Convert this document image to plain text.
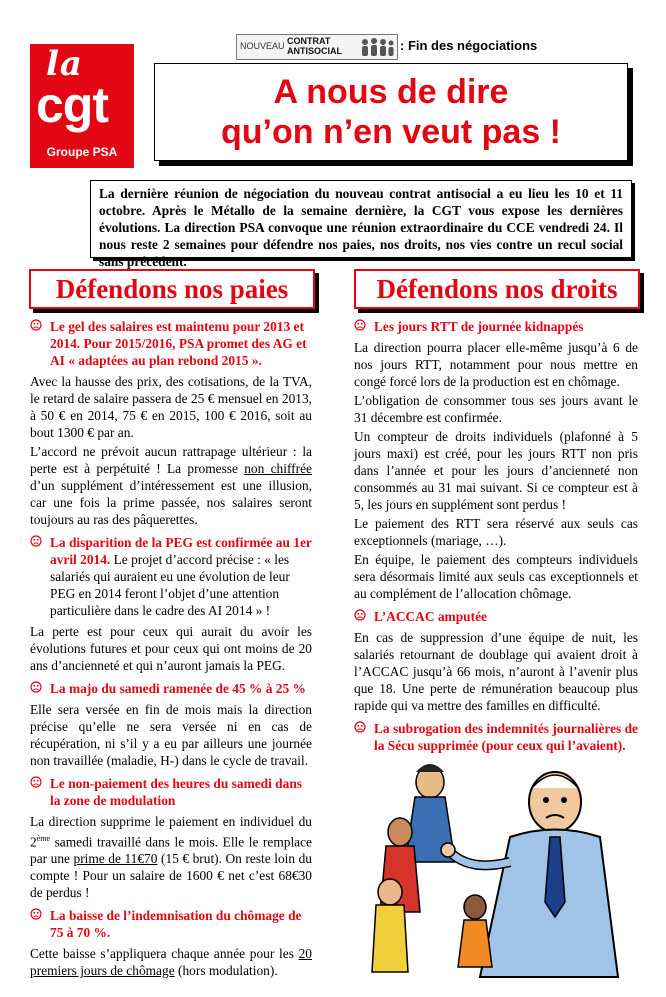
la
cgt
Groupe PSA
NOUVEAU CONTRAT
ANTISOCIAL	: Fin des négociations
A nous de dire
qu’on n’en veut pas !

La dernière réunion de négociation du nouveau contrat antisocial a eu lieu les 10 et 11 octobre. Après le Métallo de la semaine dernière, la CGT vous expose les dernières évolutions. La direction PSA convoque une réunion extraordinaire du CCE vendredi 24. Il nous reste 2 semaines pour défendre nos paies, nos droits, nos vies contre un recul social sans précédent.

Défendons nos paies	Défendons nos droits
Le gel des salaires est maintenu pour 2013 et 2014. Pour 2015/2016, PSA promet des AG et AI « adaptées au plan rebond 2015 ».

Avec la hausse des prix, des cotisations, de la TVA, le retard de salaire passera de 25 € mensuel en 2013, à 50 € en 2014, 75 € en 2015, 100 € 2016, soit au bout 1300 € par an.

L’accord ne prévoit aucun rattrapage ultérieur : la perte est à perpétuité ! La promesse non chiffrée d’un supplément d’intéressement est une illusion, car une fois la prime passée, nos salaires seront toujours au ras des pâquerettes.

La disparition de la PEG est confirmée au 1er avril 2014. Le projet d’accord précise : « les salariés qui auraient eu une évolution de leur PEG en 2014 feront l’objet d’une attention particulière dans le cadre des AI 2014 » !

La perte est pour ceux qui aurait du avoir les évolutions futures et pour ceux qui ont moins de 20 ans d’ancienneté et qui n’auront jamais la PEG.

La majo du samedi ramenée de 45 % à 25 %

Elle sera versée en fin de mois mais la direction précise qu’elle ne sera versée ni en cas de récupération, ni s’il y a eu par ailleurs une journée non travaillée (maladie, H-) dans le cycle de travail.

Le non-paiement des heures du samedi dans la zone de modulation

La direction supprime le paiement en individuel du 2ème samedi travaillé dans le mois. Elle le remplace par une prime de 11€70 (15 € brut). On reste loin du compte ! Pour un salaire de 1600 € net c’est 68€30 de perdus !

La baisse de l’indemnisation du chômage de 75 à 70 %.

Cette baisse s’appliquera chaque année pour les 20 premiers jours de chômage (hors modulation).

Les jours RTT de journée kidnappés

La direction pourra placer elle-même jusqu’à 6 de nos jours RTT, notamment pour nous mettre en congé forcé lors de la production est en chômage.

L’obligation de consommer tous ses jours avant le 31 décembre est confirmée.

Un compteur de droits individuels (plafonné à 5 jours maxi) est créé, pour les jours RTT non pris dans l’année et pour les jours d’ancienneté non consommés au 31 mai suivant. Si ce compteur est à 5, les jours en supplément sont perdus !

Le paiement des RTT sera réservé aux seuls cas exceptionnels (mariage, …).

En équipe, le paiement des compteurs individuels sera désormais limité aux seuls cas exceptionnels et au complément de l’allocation chômage.

L’ACCAC amputée

En cas de suppression d’une équipe de nuit, les salariés retournant de doublage qui avaient droit à l’ACCAC jusqu’à 66 mois, n’auront à l’avenir plus que 18. Une perte de rémunération beaucoup plus rapide qui va mettre des familles en difficulté.

La subrogation des indemnités journalières de la Sécu supprimée (pour ceux qui l’avaient).
